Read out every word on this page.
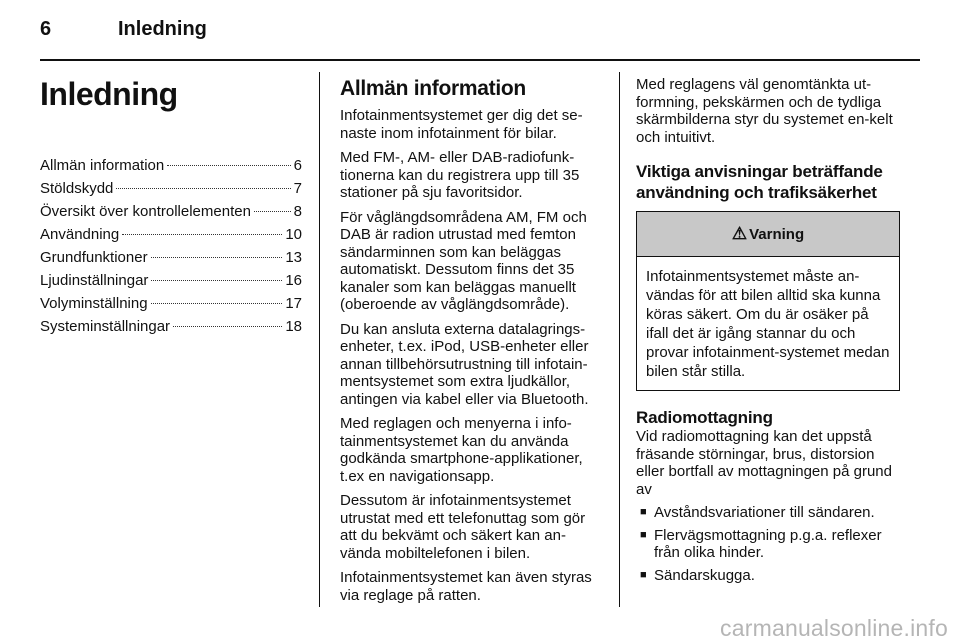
6	Inledning
Inledning
Allmän information	6
Stöldskydd	7
Översikt över kontrollelementen	8
Användning	10
Grundfunktioner	13
Ljudinställningar	16
Volyminställning	17
Systeminställningar	18
Allmän information

Infotainmentsystemet ger dig det se-naste inom infotainment för bilar.

Med FM-, AM- eller DAB-radiofunk-tionerna kan du registrera upp till 35 stationer på sju favoritsidor.

För våglängdsområdena AM, FM och DAB är radion utrustad med femton sändarminnen som kan beläggas automatiskt. Dessutom finns det 35 kanaler som kan beläggas manuellt (oberoende av våglängdsområde).

Du kan ansluta externa datalagrings-enheter, t.ex. iPod, USB-enheter eller annan tillbehörsutrustning till infotain-mentsystemet som extra ljudkällor, antingen via kabel eller via Bluetooth.

Med reglagen och menyerna i info-tainmentsystemet kan du använda godkända smartphone-applikationer, t.ex en navigationsapp.

Dessutom är infotainmentsystemet utrustat med ett telefonuttag som gör att du bekvämt och säkert kan an-vända mobiltelefonen i bilen.

Infotainmentsystemet kan även styras via reglage på ratten.

Med reglagens väl genomtänkta ut-formning, pekskärmen och de tydliga skärmbilderna styr du systemet en-kelt och intuitivt.

Viktiga anvisningar beträffande användning och trafiksäkerhet
⚠ Varning
Infotainmentsystemet måste an-vändas för att bilen alltid ska kunna köras säkert. Om du är osäker på ifall det är igång stannar du och provar infotainment-systemet medan bilen står stilla.
Radiomottagning

Vid radiomottagning kan det uppstå fräsande störningar, brus, distorsion eller bortfall av mottagningen på grund av

■ Avståndsvariationer till sändaren.
■ Flervägsmottagning p.g.a. reflexer från olika hinder.
■ Sändarskugga.
carmanualsonline.info
